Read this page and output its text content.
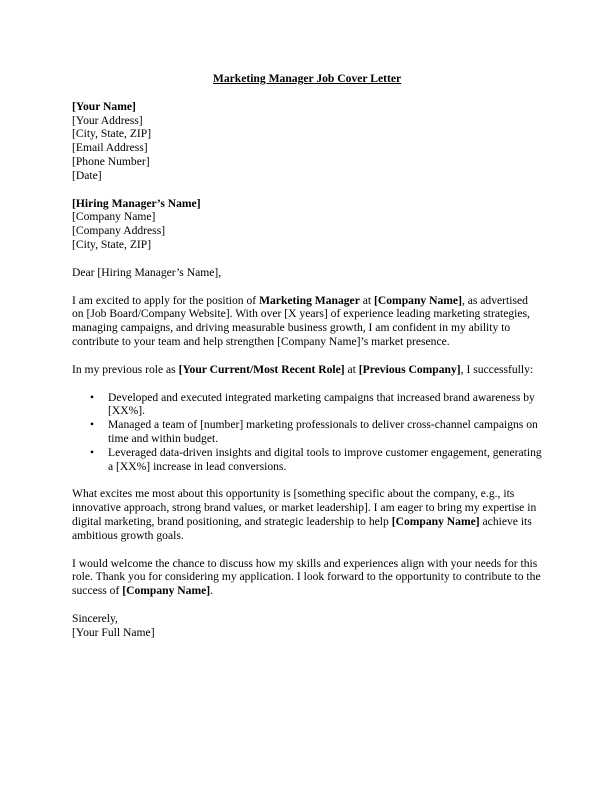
Marketing Manager Job Cover Letter
[Your Name]
[Your Address]
[City, State, ZIP]
[Email Address]
[Phone Number]
[Date]
[Hiring Manager’s Name]
[Company Name]
[Company Address]
[City, State, ZIP]

Dear [Hiring Manager’s Name],

I am excited to apply for the position of Marketing Manager at [Company Name], as advertised on [Job Board/Company Website]. With over [X years] of experience leading marketing strategies, managing campaigns, and driving measurable business growth, I am confident in my ability to contribute to your team and help strengthen [Company Name]’s market presence.

In my previous role as [Your Current/Most Recent Role] at [Previous Company], I successfully:

• Developed and executed integrated marketing campaigns that increased brand awareness by [XX%].
• Managed a team of [number] marketing professionals to deliver cross-channel campaigns on time and within budget.
• Leveraged data-driven insights and digital tools to improve customer engagement, generating a [XX%] increase in lead conversions.

What excites me most about this opportunity is [something specific about the company, e.g., its innovative approach, strong brand values, or market leadership]. I am eager to bring my expertise in digital marketing, brand positioning, and strategic leadership to help [Company Name] achieve its ambitious growth goals.

I would welcome the chance to discuss how my skills and experiences align with your needs for this role. Thank you for considering my application. I look forward to the opportunity to contribute to the success of [Company Name].

Sincerely,
[Your Full Name]
